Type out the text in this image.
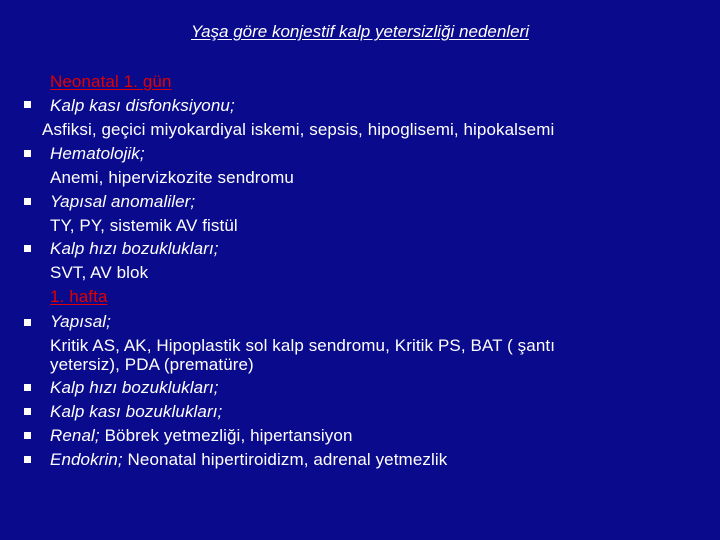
Yaşa göre konjestif kalp yetersizliği nedenleri
Neonatal 1. gün
Kalp kası disfonksiyonu;
Asfiksi, geçici miyokardiyal iskemi, sepsis, hipoglisemi, hipokalsemi
Hematolojik;
Anemi, hipervizkozite sendromu
Yapısal anomaliler;
TY, PY, sistemik AV fistül
Kalp hızı bozuklukları;
SVT, AV blok
1. hafta
Yapısal;
Kritik AS, AK, Hipoplastik sol kalp sendromu, Kritik PS, BAT ( şantı
yetersiz), PDA (prematüre)
Kalp hızı bozuklukları;
Kalp kası bozuklukları;
Renal; Böbrek yetmezliği, hipertansiyon
Endokrin; Neonatal hipertiroidizm, adrenal yetmezlik
